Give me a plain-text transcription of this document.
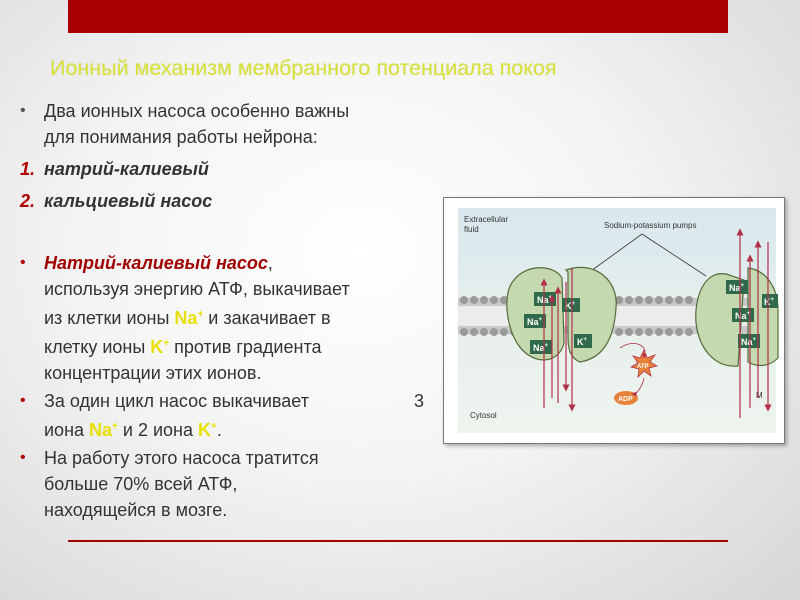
Ионный механизм мембранного потенциала покоя
•	Два ионных насоса особенно важны
для понимания работы нейрона:
1. натрий-калиевый
2. кальциевый насос
•	Натрий-калиевый насос,
используя энергию АТФ, выкачивает
из клетки ионы Na+ и закачивает в
клетку ионы K+ против градиента
концентрации этих ионов.
•	За один цикл насос выкачивает	3

иона Na+ и 2 иона K+.
•	На работу этого насоса тратится
больше 70% всей АТФ,
находящейся в мозге.
Extracellular
fluid	Sodium-potassium pumps
Cytosol
M
Na+
Na+
Na+
K+
K+
Na+
Na+
Na+
K+
ATP
ADP
